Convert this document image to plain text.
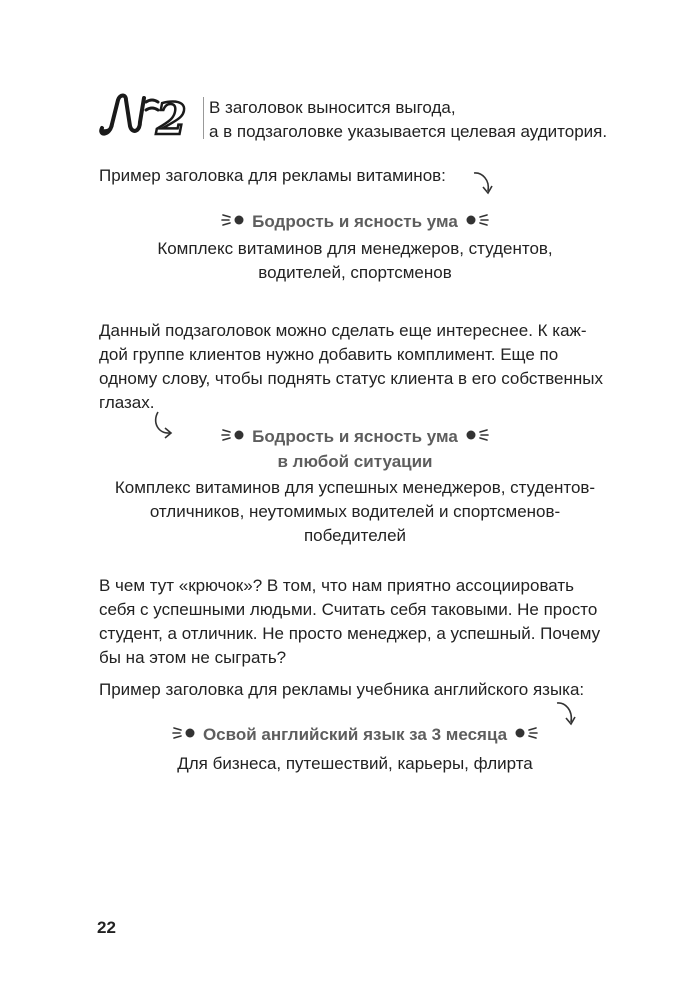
2 В заголовок выносится выгода,
а в подзаголовке указывается целевая аудитория.
Пример заголовка для рекламы витаминов:
Бодрость и ясность ума
Комплекс витаминов для менеджеров, студентов,
водителей, спортсменов
Данный подзаголовок можно сделать еще интереснее. К каж-
дой группе клиентов нужно добавить комплимент. Еще по
одному слову, чтобы поднять статус клиента в его собственных
глазах.
Бодрость и ясность ума
в любой ситуации
Комплекс витаминов для успешных менеджеров, студентов-
отличников, неутомимых водителей и спортсменов-
победителей
В чем тут «крючок»? В том, что нам приятно ассоциировать
себя с успешными людьми. Считать себя таковыми. Не просто
студент, а отличник. Не просто менеджер, а успешный. Почему
бы на этом не сыграть?
Пример заголовка для рекламы учебника английского языка:
Освой английский язык за 3 месяца
Для бизнеса, путешествий, карьеры, флирта
22
